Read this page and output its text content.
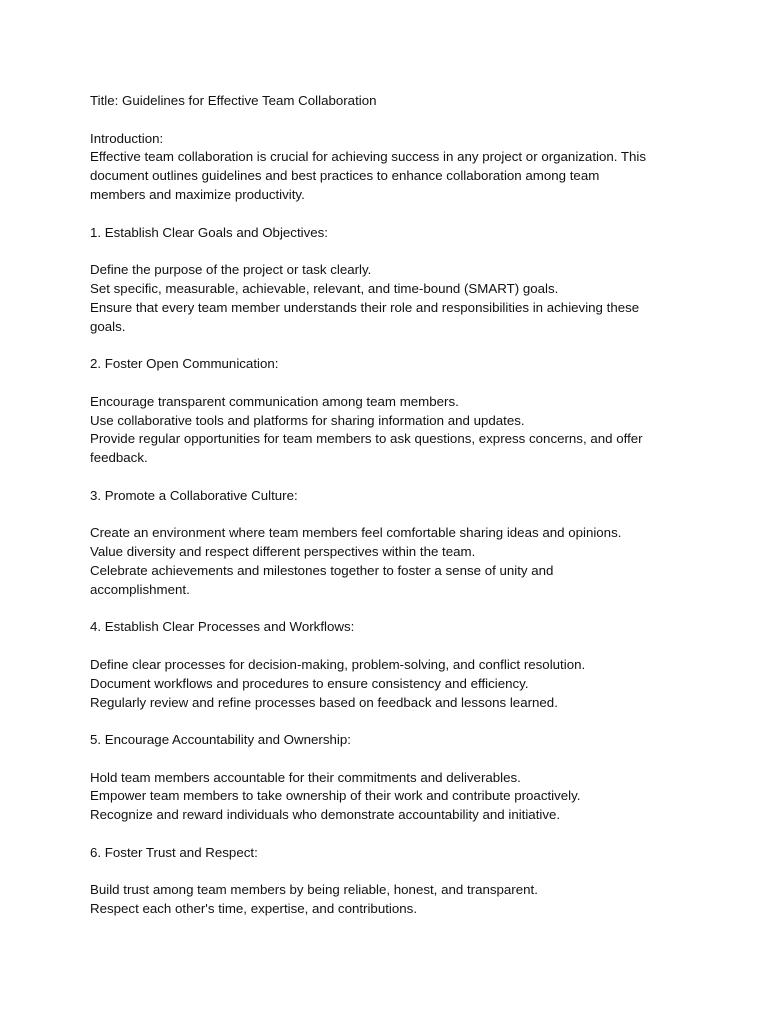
Title: Guidelines for Effective Team Collaboration

Introduction:

Effective team collaboration is crucial for achieving success in any project or organization. This

document outlines guidelines and best practices to enhance collaboration among team

members and maximize productivity.

1. Establish Clear Goals and Objectives:

Define the purpose of the project or task clearly.

Set specific, measurable, achievable, relevant, and time-bound (SMART) goals.

Ensure that every team member understands their role and responsibilities in achieving these

goals.

2. Foster Open Communication:

Encourage transparent communication among team members.

Use collaborative tools and platforms for sharing information and updates.

Provide regular opportunities for team members to ask questions, express concerns, and offer

feedback.

3. Promote a Collaborative Culture:

Create an environment where team members feel comfortable sharing ideas and opinions.

Value diversity and respect different perspectives within the team.

Celebrate achievements and milestones together to foster a sense of unity and

accomplishment.

4. Establish Clear Processes and Workflows:

Define clear processes for decision-making, problem-solving, and conflict resolution.

Document workflows and procedures to ensure consistency and efficiency.

Regularly review and refine processes based on feedback and lessons learned.

5. Encourage Accountability and Ownership:

Hold team members accountable for their commitments and deliverables.

Empower team members to take ownership of their work and contribute proactively.

Recognize and reward individuals who demonstrate accountability and initiative.

6. Foster Trust and Respect:

Build trust among team members by being reliable, honest, and transparent.

Respect each other's time, expertise, and contributions.
